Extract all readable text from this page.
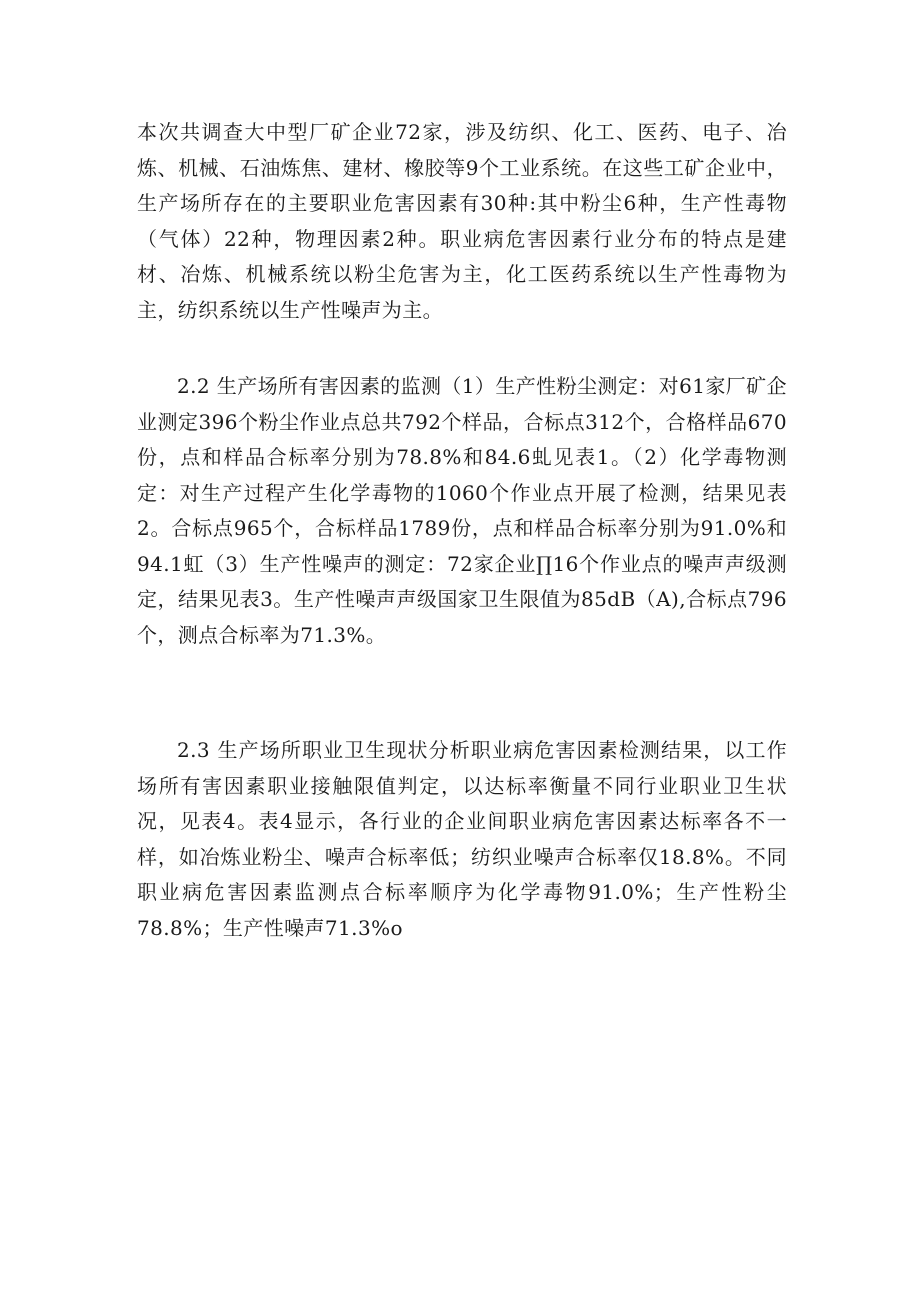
本次共调查大中型厂矿企业72家，涉及纺织、化工、医药、电子、冶炼、机械、石油炼焦、建材、橡胶等9个工业系统。在这些工矿企业中，生产场所存在的主要职业危害因素有30种:其中粉尘6种，生产性毒物（气体）22种，物理因素2种。职业病危害因素行业分布的特点是建材、冶炼、机械系统以粉尘危害为主，化工医药系统以生产性毒物为主，纺织系统以生产性噪声为主。

2.2 生产场所有害因素的监测（1）生产性粉尘测定：对61家厂矿企业测定396个粉尘作业点总共792个样品，合标点312个，合格样品670份，点和样品合标率分别为78.8%和84.6虬见表1。（2）化学毒物测定：对生产过程产生化学毒物的1060个作业点开展了检测，结果见表2。合标点965个，合标样品1789份，点和样品合标率分别为91.0%和94.1虹（3）生产性噪声的测定：72家企业∏16个作业点的噪声声级测定，结果见表3。生产性噪声声级国家卫生限值为85dB（A),合标点796个，测点合标率为71.3%。

2.3 生产场所职业卫生现状分析职业病危害因素检测结果，以工作场所有害因素职业接触限值判定，以达标率衡量不同行业职业卫生状况，见表4。表4显示，各行业的企业间职业病危害因素达标率各不一样，如冶炼业粉尘、噪声合标率低；纺织业噪声合标率仅18.8%。不同职业病危害因素监测点合标率顺序为化学毒物91.0%；生产性粉尘78.8%；生产性噪声71.3%o
